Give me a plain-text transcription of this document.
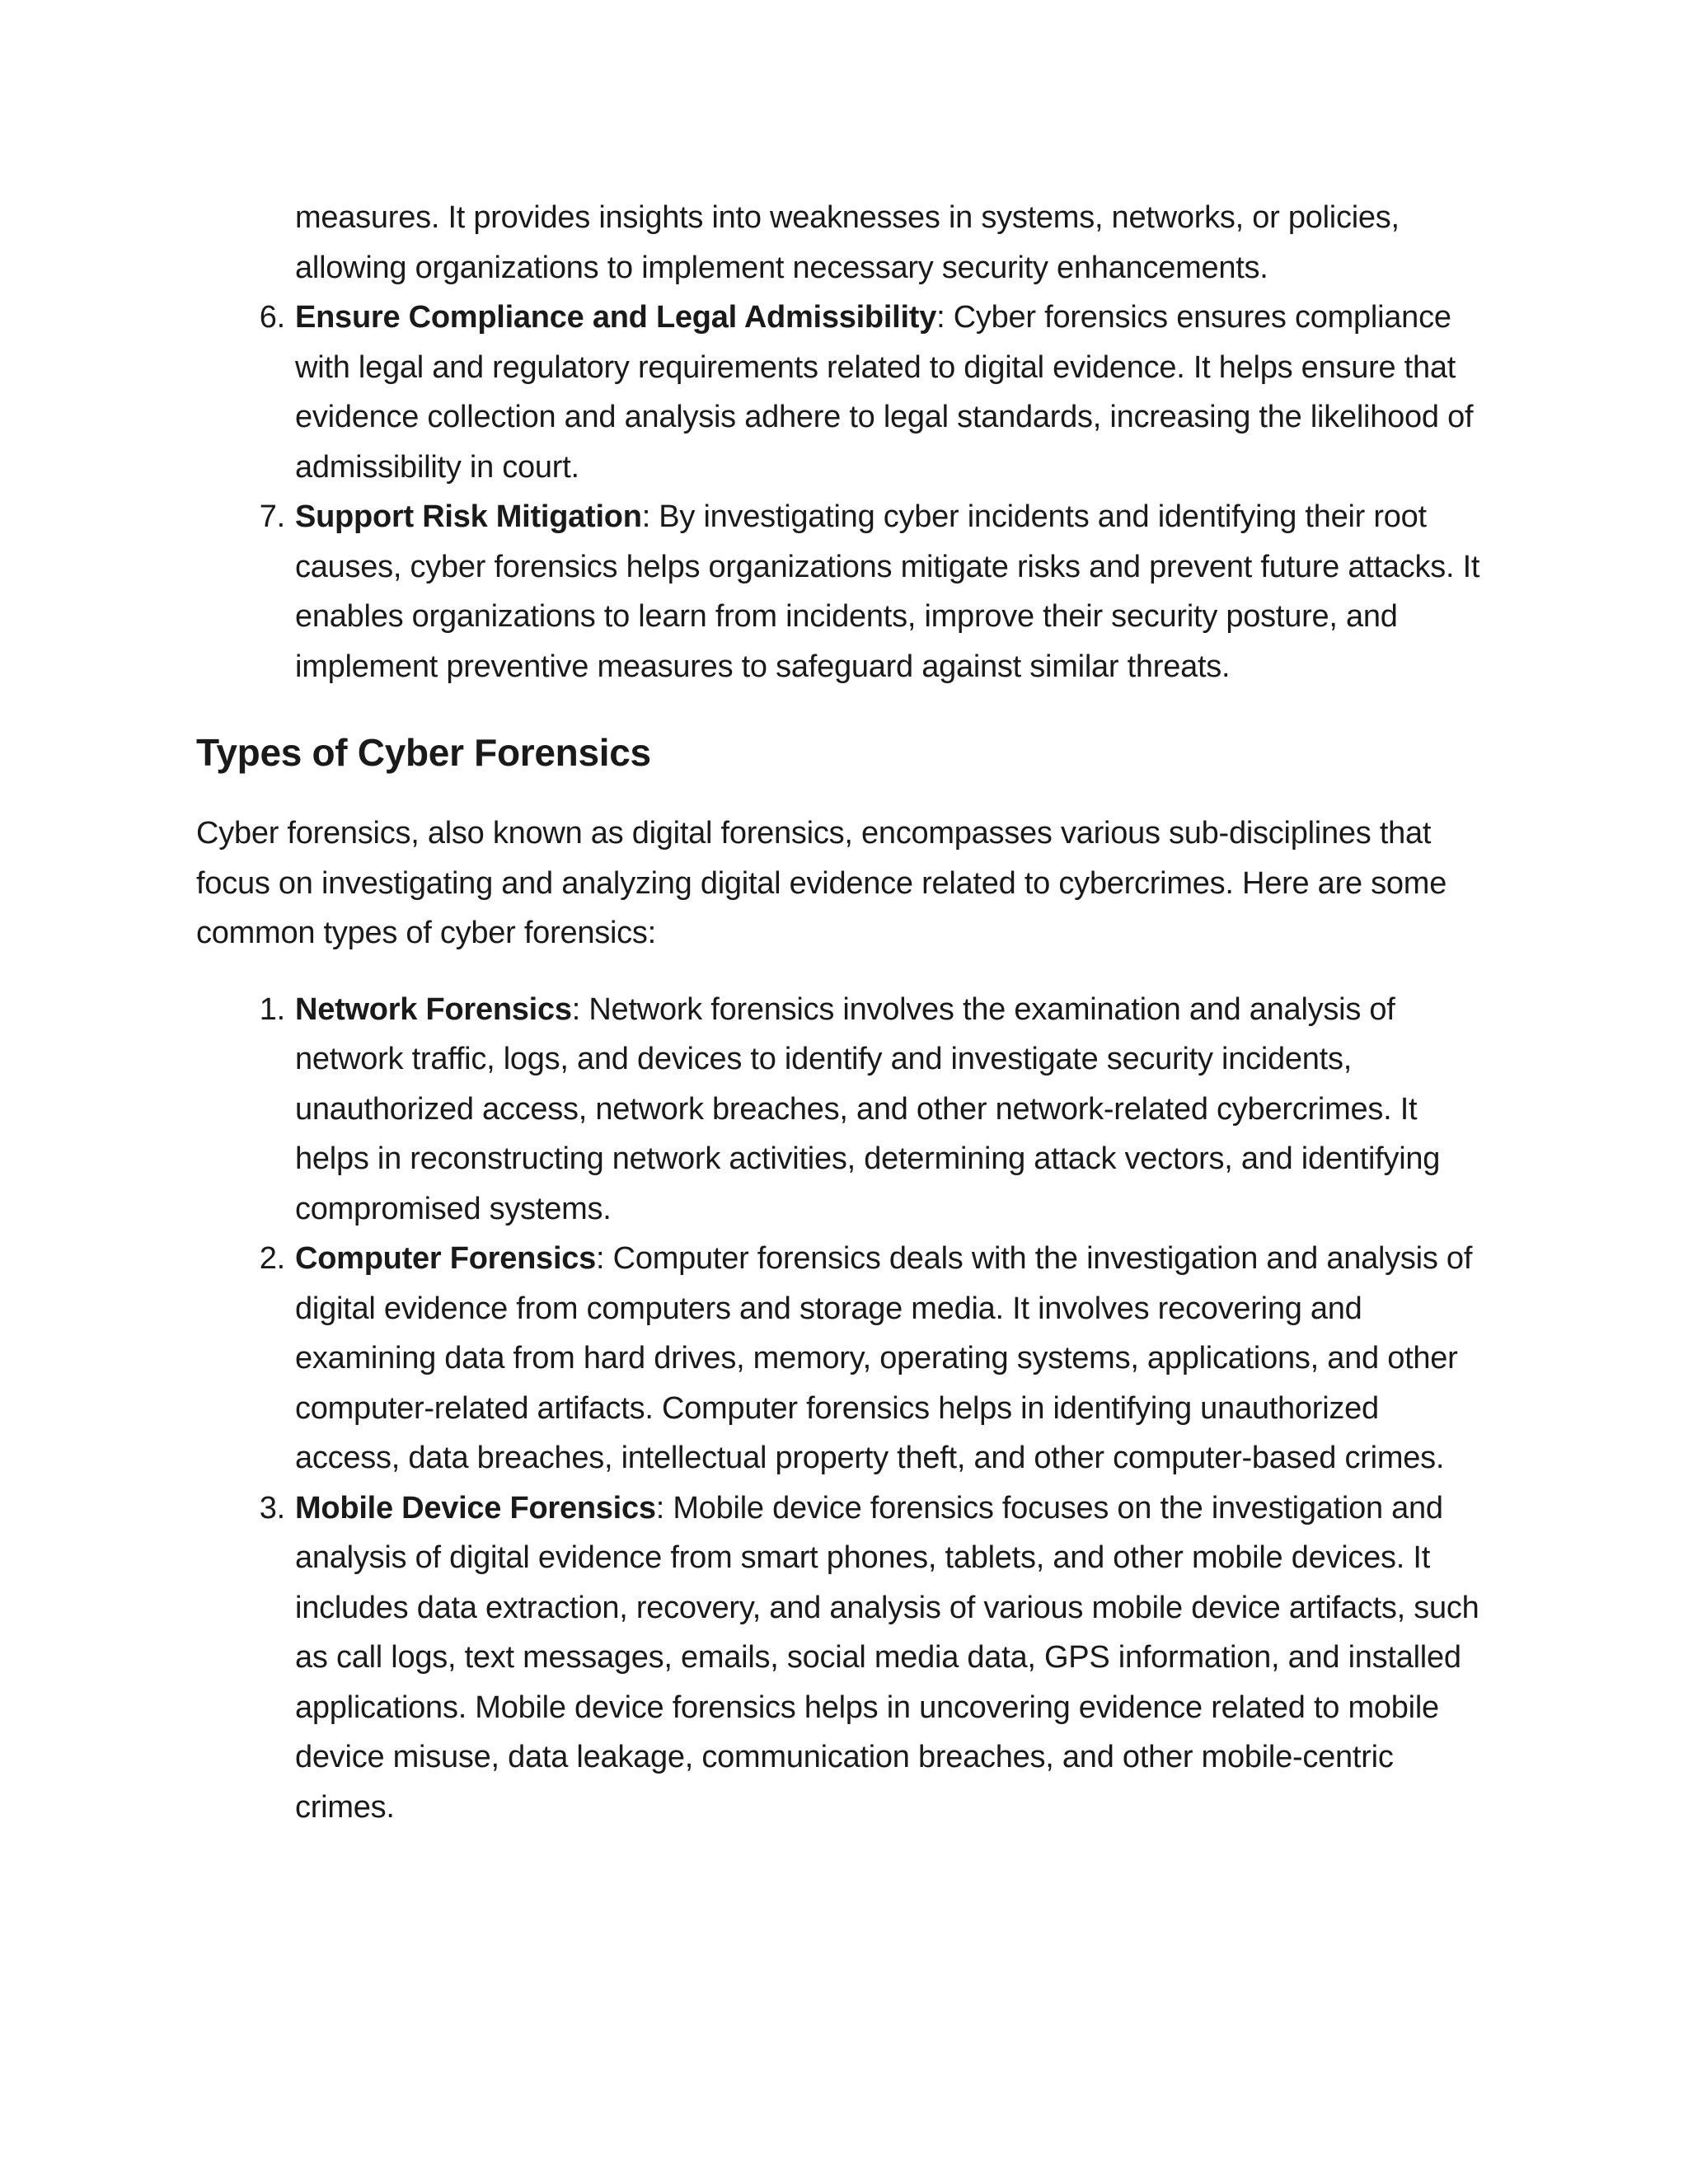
measures. It provides insights into weaknesses in systems, networks, or policies, allowing organizations to implement necessary security enhancements.
6. Ensure Compliance and Legal Admissibility: Cyber forensics ensures compliance with legal and regulatory requirements related to digital evidence. It helps ensure that evidence collection and analysis adhere to legal standards, increasing the likelihood of admissibility in court.
7. Support Risk Mitigation: By investigating cyber incidents and identifying their root causes, cyber forensics helps organizations mitigate risks and prevent future attacks. It enables organizations to learn from incidents, improve their security posture, and implement preventive measures to safeguard against similar threats.
Types of Cyber Forensics

Cyber forensics, also known as digital forensics, encompasses various sub-disciplines that focus on investigating and analyzing digital evidence related to cybercrimes. Here are some common types of cyber forensics:

1. Network Forensics: Network forensics involves the examination and analysis of network traffic, logs, and devices to identify and investigate security incidents, unauthorized access, network breaches, and other network-related cybercrimes. It helps in reconstructing network activities, determining attack vectors, and identifying compromised systems.
2. Computer Forensics: Computer forensics deals with the investigation and analysis of digital evidence from computers and storage media. It involves recovering and examining data from hard drives, memory, operating systems, applications, and other computer-related artifacts. Computer forensics helps in identifying unauthorized access, data breaches, intellectual property theft, and other computer-based crimes.
3. Mobile Device Forensics: Mobile device forensics focuses on the investigation and analysis of digital evidence from smart phones, tablets, and other mobile devices. It includes data extraction, recovery, and analysis of various mobile device artifacts, such as call logs, text messages, emails, social media data, GPS information, and installed applications. Mobile device forensics helps in uncovering evidence related to mobile device misuse, data leakage, communication breaches, and other mobile-centric crimes.
